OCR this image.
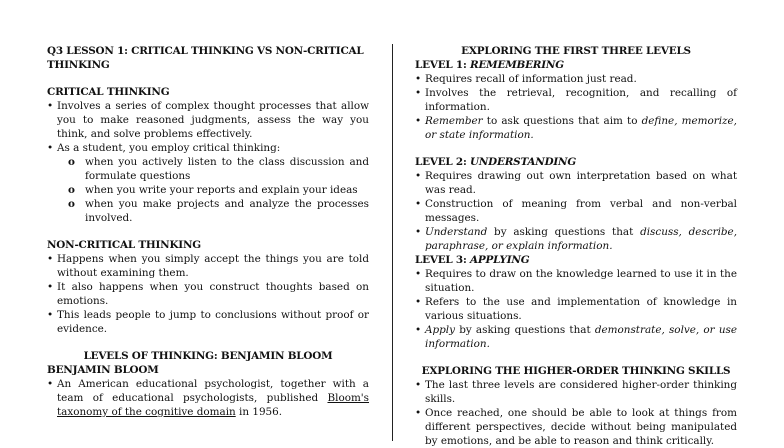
Q3 LESSON 1: CRITICAL THINKING VS NON-CRITICAL THINKING
CRITICAL THINKING
• Involves a series of complex thought processes that allow you to make reasoned judgments, assess the way you think, and solve problems effectively.
• As a student, you employ critical thinking:
o when you actively listen to the class discussion and formulate questions
o when you write your reports and explain your ideas
o when you make projects and analyze the processes involved.
NON-CRITICAL THINKING
• Happens when you simply accept the things you are told without examining them.
• It also happens when you construct thoughts based on emotions.
• This leads people to jump to conclusions without proof or evidence.
LEVELS OF THINKING: BENJAMIN BLOOM
BENJAMIN BLOOM
• An American educational psychologist, together with a team of educational psychologists, published Bloom's taxonomy of the cognitive domain in 1956.
EXPLORING THE FIRST THREE LEVELS
LEVEL 1: REMEMBERING
• Requires recall of information just read.
• Involves the retrieval, recognition, and recalling of information.
• Remember to ask questions that aim to define, memorize, or state information.
LEVEL 2: UNDERSTANDING
• Requires drawing out own interpretation based on what was read.
• Construction of meaning from verbal and non-verbal messages.
• Understand by asking questions that discuss, describe, paraphrase, or explain information.
LEVEL 3: APPLYING
• Requires to draw on the knowledge learned to use it in the situation.
• Refers to the use and implementation of knowledge in various situations.
• Apply by asking questions that demonstrate, solve, or use information.
EXPLORING THE HIGHER-ORDER THINKING SKILLS
• The last three levels are considered higher-order thinking skills.
• Once reached, one should be able to look at things from different perspectives, decide without being manipulated by emotions, and be able to reason and think critically.
